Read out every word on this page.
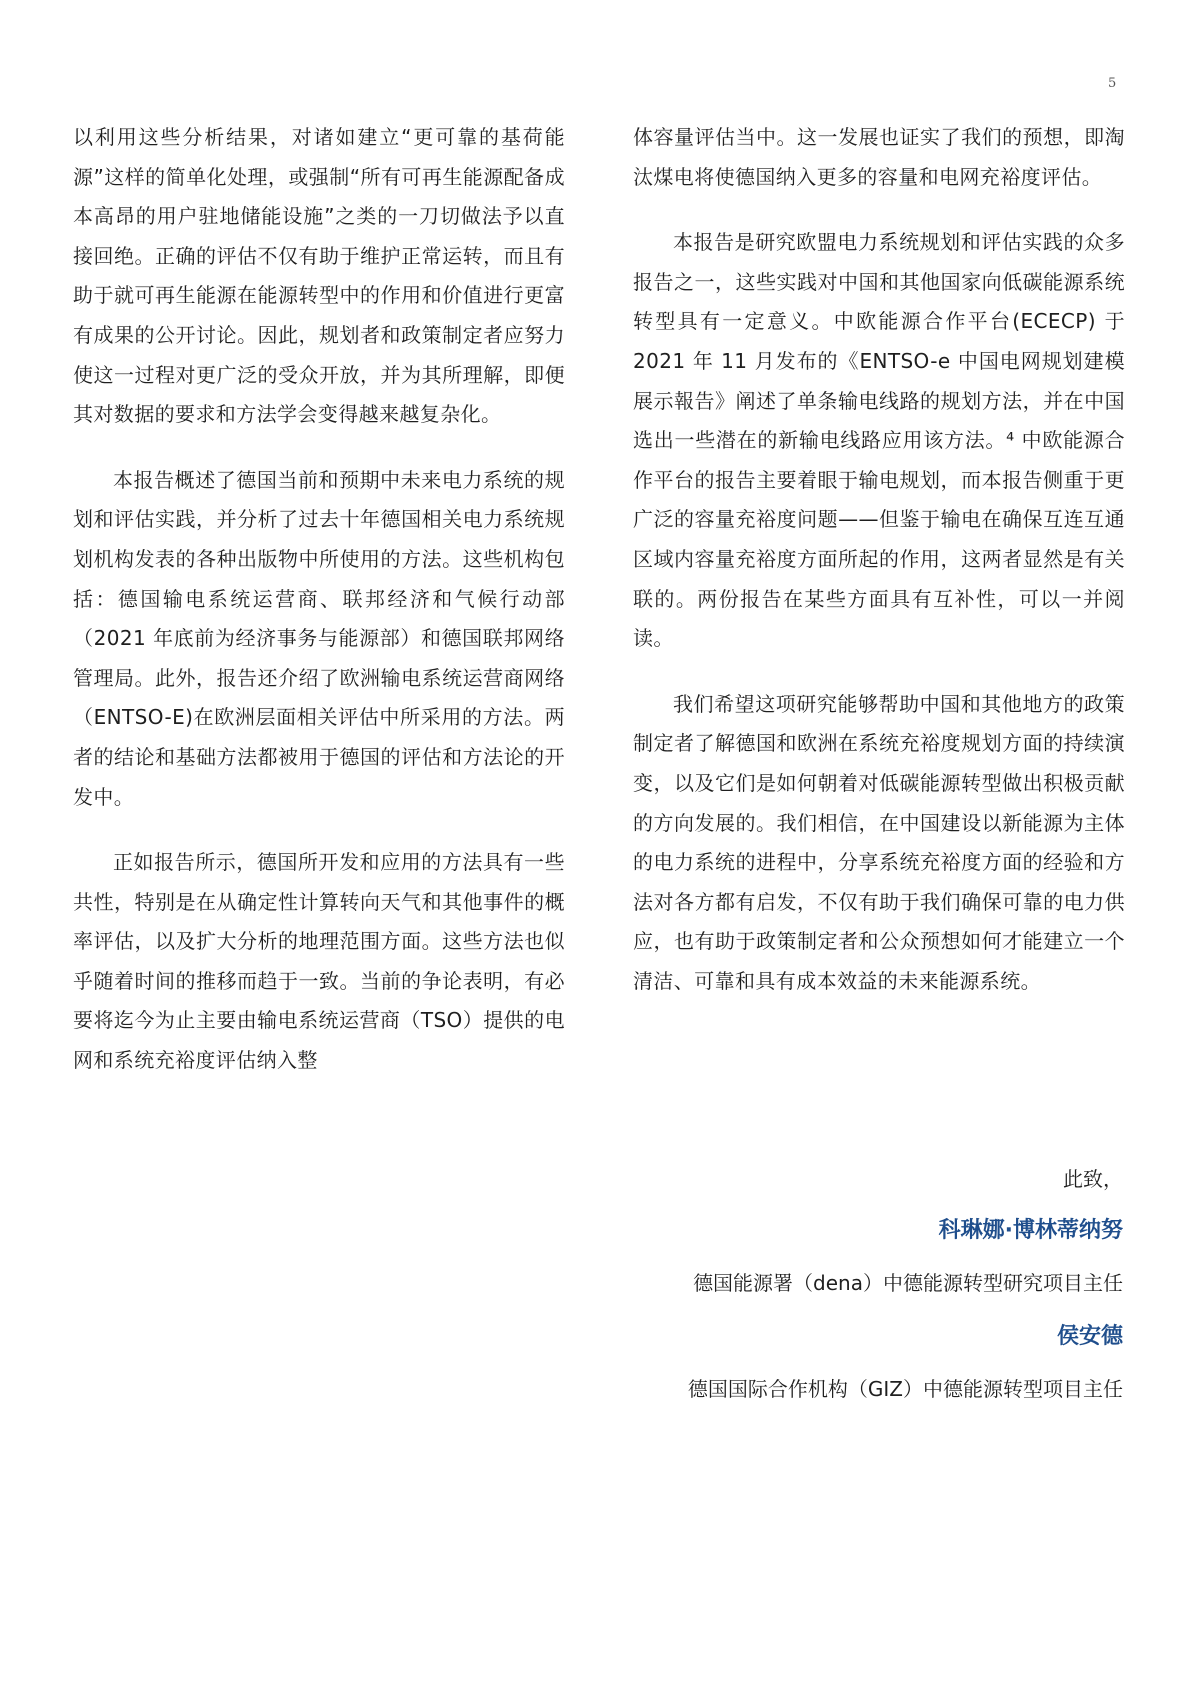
5

以利用这些分析结果，对诸如建立“更可靠的基荷能源”这样的简单化处理，或强制“所有可再生能源配备成本高昂的用户驻地储能设施”之类的一刀切做法予以直接回绝。正确的评估不仅有助于维护正常运转，而且有助于就可再生能源在能源转型中的作用和价值进行更富有成果的公开讨论。因此，规划者和政策制定者应努力使这一过程对更广泛的受众开放，并为其所理解，即便其对数据的要求和方法学会变得越来越复杂化。

本报告概述了德国当前和预期中未来电力系统的规划和评估实践，并分析了过去十年德国相关电力系统规划机构发表的各种出版物中所使用的方法。这些机构包括：德国输电系统运营商、联邦经济和气候行动部（2021 年底前为经济事务与能源部）和德国联邦网络管理局。此外，报告还介绍了欧洲输电系统运营商网络（ENTSO-E)在欧洲层面相关评估中所采用的方法。两者的结论和基础方法都被用于德国的评估和方法论的开发中。

正如报告所示，德国所开发和应用的方法具有一些共性，特别是在从确定性计算转向天气和其他事件的概率评估，以及扩大分析的地理范围方面。这些方法也似乎随着时间的推移而趋于一致。当前的争论表明，有必要将迄今为止主要由输电系统运营商（TSO）提供的电网和系统充裕度评估纳入整

体容量评估当中。这一发展也证实了我们的预想，即淘汰煤电将使德国纳入更多的容量和电网充裕度评估。

本报告是研究欧盟电力系统规划和评估实践的众多报告之一，这些实践对中国和其他国家向低碳能源系统转型具有一定意义。中欧能源合作平台(ECECP) 于 2021 年 11 月发布的《ENTSO-e 中国电网规划建模展示報告》阐述了单条输电线路的规划方法，并在中国选出一些潜在的新输电线路应用该方法。⁴ 中欧能源合作平台的报告主要着眼于输电规划，而本报告侧重于更广泛的容量充裕度问题——但鉴于输电在确保互连互通区域内容量充裕度方面所起的作用，这两者显然是有关联的。两份报告在某些方面具有互补性，可以一并阅读。

我们希望这项研究能够帮助中国和其他地方的政策制定者了解德国和欧洲在系统充裕度规划方面的持续演变，以及它们是如何朝着对低碳能源转型做出积极贡献的方向发展的。我们相信，在中国建设以新能源为主体的电力系统的进程中，分享系统充裕度方面的经验和方法对各方都有启发，不仅有助于我们确保可靠的电力供应，也有助于政策制定者和公众预想如何才能建立一个清洁、可靠和具有成本效益的未来能源系统。

此致，
科琳娜·博林蒂纳努
德国能源署（dena）中德能源转型研究项目主任
侯安德
德国国际合作机构（GIZ）中德能源转型项目主任
